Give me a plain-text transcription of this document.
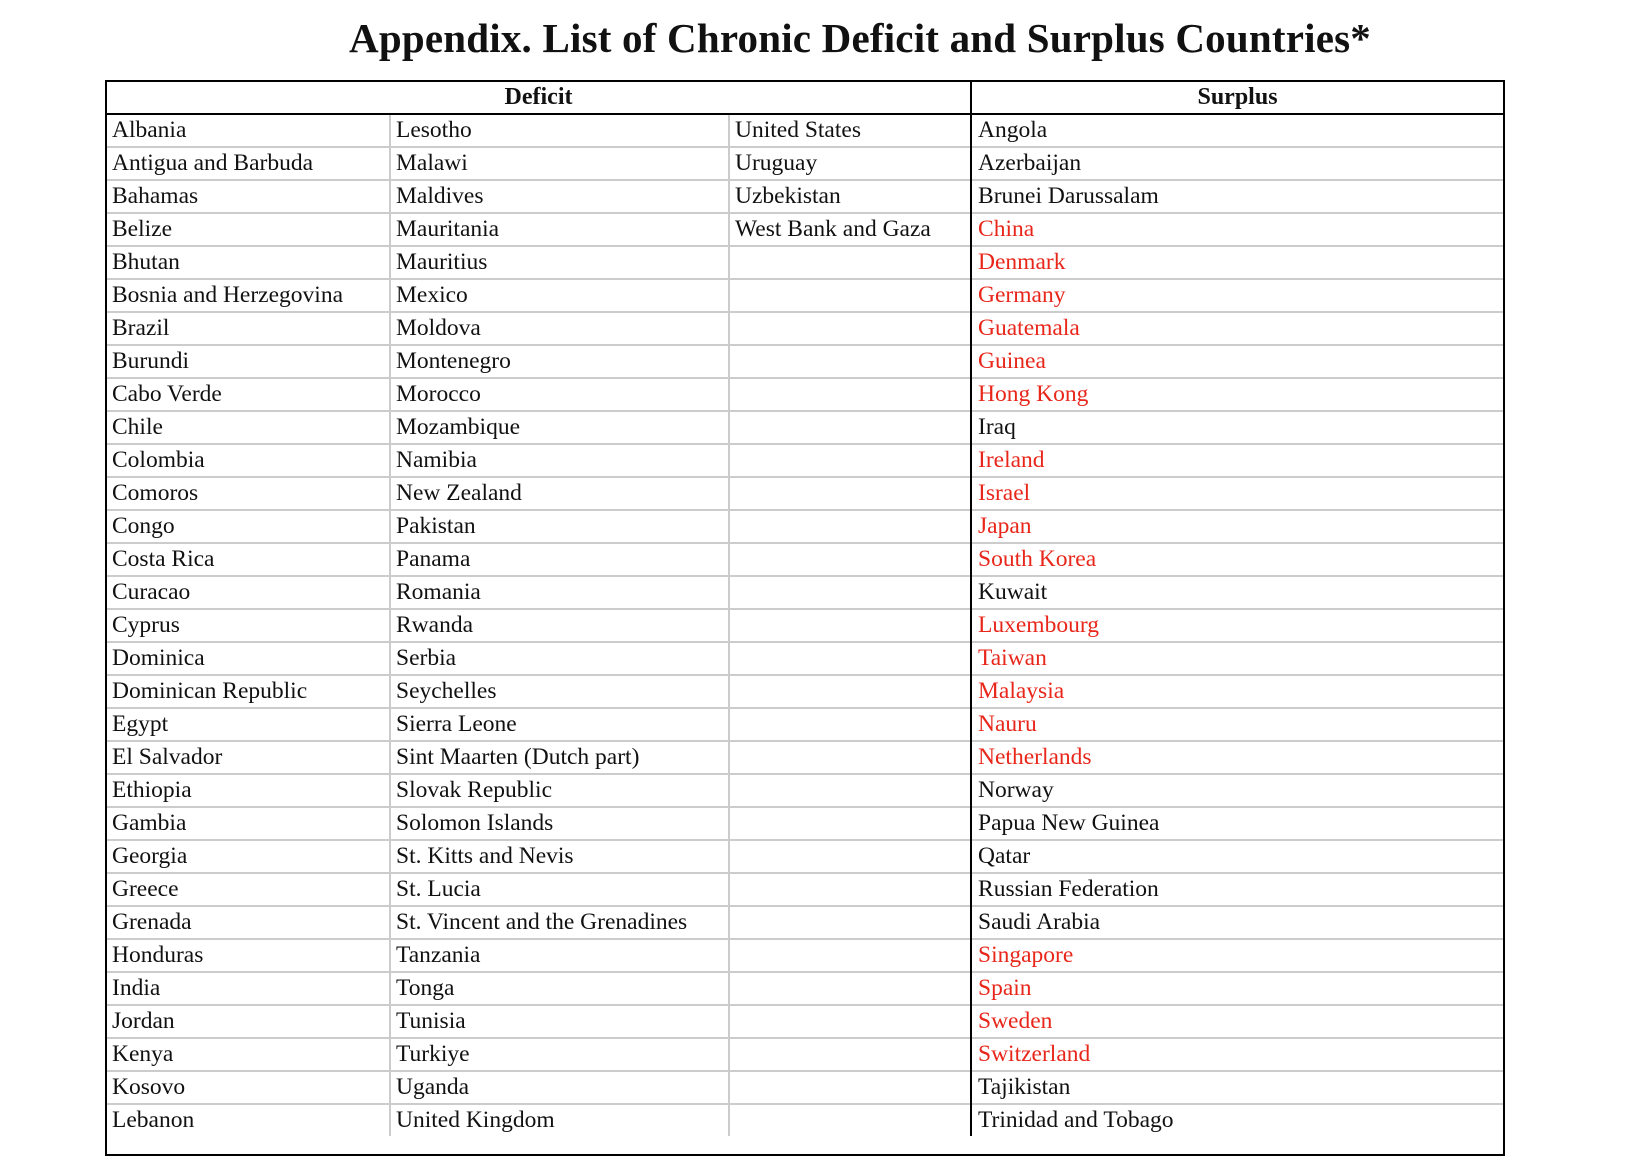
Appendix. List of Chronic Deficit and Surplus Countries*
Deficit			Surplus
Albania	Lesotho	United States	Angola
Antigua and Barbuda	Malawi	Uruguay	Azerbaijan
Bahamas	Maldives	Uzbekistan	Brunei Darussalam
Belize	Mauritania	West Bank and Gaza	China
Bhutan	Mauritius		Denmark
Bosnia and Herzegovina	Mexico		Germany
Brazil	Moldova		Guatemala
Burundi	Montenegro		Guinea
Cabo Verde	Morocco		Hong Kong
Chile	Mozambique		Iraq
Colombia	Namibia		Ireland
Comoros	New Zealand		Israel
Congo	Pakistan		Japan
Costa Rica	Panama		South Korea
Curacao	Romania		Kuwait
Cyprus	Rwanda		Luxembourg
Dominica	Serbia		Taiwan
Dominican Republic	Seychelles		Malaysia
Egypt	Sierra Leone		Nauru
El Salvador	Sint Maarten (Dutch part)		Netherlands
Ethiopia	Slovak Republic		Norway
Gambia	Solomon Islands		Papua New Guinea
Georgia	St. Kitts and Nevis		Qatar
Greece	St. Lucia		Russian Federation
Grenada	St. Vincent and the Grenadines		Saudi Arabia
Honduras	Tanzania		Singapore
India	Tonga		Spain
Jordan	Tunisia		Sweden
Kenya	Turkiye		Switzerland
Kosovo	Uganda		Tajikistan
Lebanon	United Kingdom		Trinidad and Tobago
